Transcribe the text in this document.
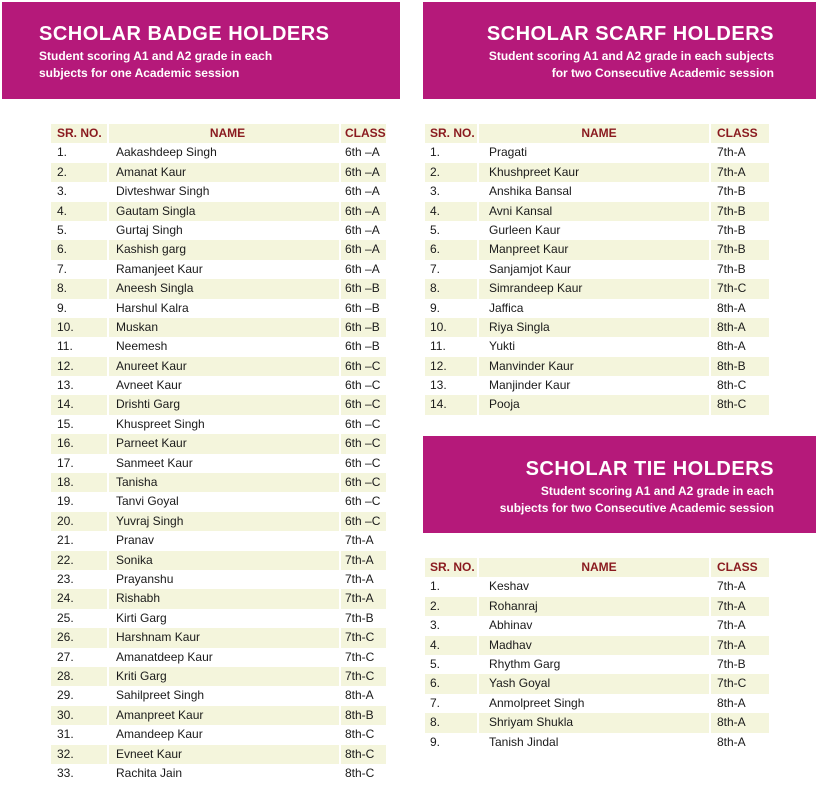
SCHOLAR BADGE HOLDERS
Student scoring A1 and A2 grade in each
subjects for one Academic session
SCHOLAR SCARF HOLDERS
Student scoring A1 and A2 grade in each subjects
for two Consecutive Academic session
SCHOLAR TIE HOLDERS
Student scoring A1 and A2 grade in each
subjects for two Consecutive Academic session
SR. NO.	NAME	CLASS
1.	Aakashdeep Singh	6th –A
2.	Amanat Kaur	6th –A
3.	Divteshwar Singh	6th –A
4.	Gautam Singla	6th –A
5.	Gurtaj Singh	6th –A
6.	Kashish garg	6th –A
7.	Ramanjeet Kaur	6th –A
8.	Aneesh Singla	6th –B
9.	Harshul Kalra	6th –B
10.	Muskan	6th –B
11.	Neemesh	6th –B
12.	Anureet Kaur	6th –C
13.	Avneet Kaur	6th –C
14.	Drishti Garg	6th –C
15.	Khuspreet Singh	6th –C
16.	Parneet Kaur	6th –C
17.	Sanmeet Kaur	6th –C
18.	Tanisha	6th –C
19.	Tanvi Goyal	6th –C
20.	Yuvraj Singh	6th –C
21.	Pranav	7th-A
22.	Sonika	7th-A
23.	Prayanshu	7th-A
24.	Rishabh	7th-A
25.	Kirti Garg	7th-B
26.	Harshnam Kaur	7th-C
27.	Amanatdeep Kaur	7th-C
28.	Kriti Garg	7th-C
29.	Sahilpreet Singh	8th-A
30.	Amanpreet Kaur	8th-B
31.	Amandeep Kaur	8th-C
32.	Evneet Kaur	8th-C
33.	Rachita Jain	8th-C
SR. NO.	NAME	CLASS
1.	Pragati	7th-A
2.	Khushpreet Kaur	7th-A
3.	Anshika Bansal	7th-B
4.	Avni Kansal	7th-B
5.	Gurleen Kaur	7th-B
6.	Manpreet Kaur	7th-B
7.	Sanjamjot Kaur	7th-B
8.	Simrandeep Kaur	7th-C
9.	Jaffica	8th-A
10.	Riya Singla	8th-A
11.	Yukti	8th-A
12.	Manvinder Kaur	8th-B
13.	Manjinder Kaur	8th-C
14.	Pooja	8th-C
SR. NO.	NAME	CLASS
1.	Keshav	7th-A
2.	Rohanraj	7th-A
3.	Abhinav	7th-A
4.	Madhav	7th-A
5.	Rhythm Garg	7th-B
6.	Yash Goyal	7th-C
7.	Anmolpreet Singh	8th-A
8.	Shriyam Shukla	8th-A
9.	Tanish Jindal	8th-A
